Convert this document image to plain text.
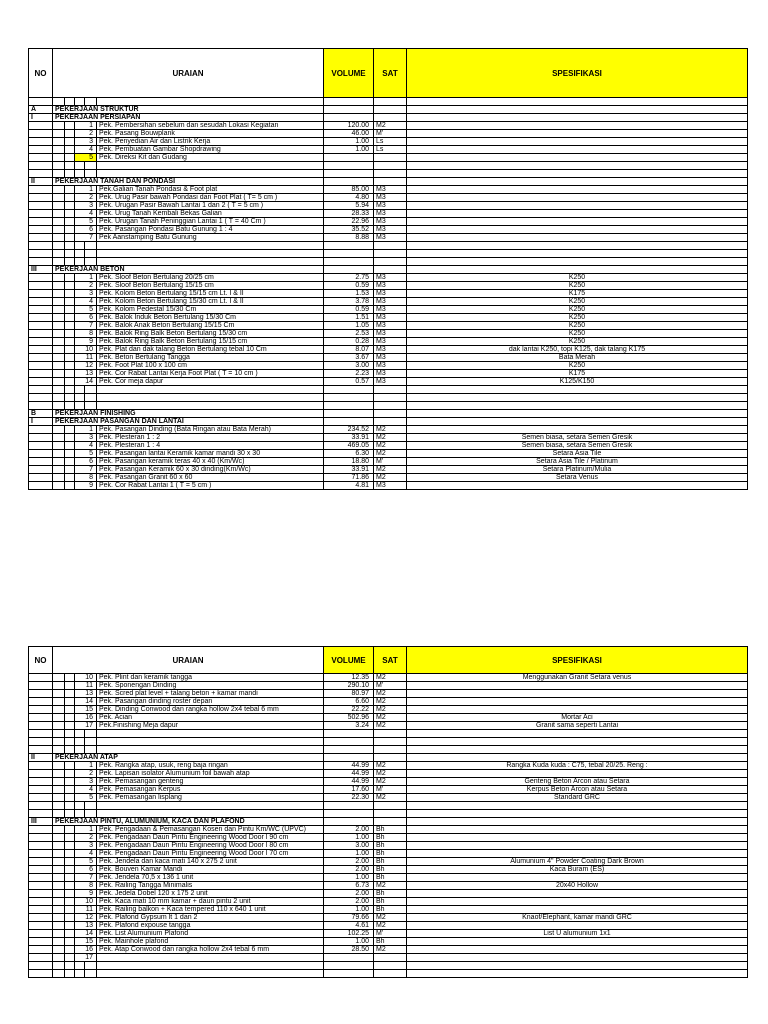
NO	URAIAN					VOLUME	SAT	SPESIFIKASI

A	PEKERJAAN STRUKTUR							
I	PEKERJAAN PERSIAPAN							
			1		Pek. Pembersihan sebelum dan sesudah Lokasi Kegiatan	120.00	M2	
			2		Pek. Pasang Bouwplank	46.00	M'	
			3		Pek. Penyedian Air dan Listrik Kerja	1.00	Ls	
			4		Pek. Pembuatan Gambar Shopdrawing	1.00	Ls	
			5		Pek. Direksi Kit dan Gudang			

II	PEKERJAAN TANAH DAN PONDASI							
			1		Pek.Galian Tanah Pondasi & Foot plat	85.00	M3	
			2		Pek. Urug Pasir bawah Pondasi dan Foot Plat ( T= 5 cm )	4.80	M3	
			3		Pek. Urugan Pasir Bawah Lantai 1 dan 2 ( T = 5 cm )	5.94	M3	
			4		Pek. Urug Tanah Kembali Bekas Galian	28.33	M3	
			5		Pek. Urugan Tanah Peninggian Lantai 1 ( T = 40 Cm )	22.96	M3	
			6		Pek. Pasangan Pondasi Batu Gunung 1 : 4	35.52	M3	
			7		Pek Aanstamping Batu Gunung	8.88	M3	

III	PEKERJAAN BETON							
			1		Pek. Sloof Beton Bertulang 20/25 cm	2.75	M3	K250
			2		Pek. Sloof Beton Bertulang 15/15 cm	0.59	M3	K250
			3		Pek. Kolom Beton Bertulang 15/15 cm Lt. I & II	1.53	M3	K175
			4		Pek. Kolom Beton Bertulang 15/30 cm Lt. I & II	3.78	M3	K250
			5		Pek. Kolom Pedestal 15/30 Cm	0.59	M3	K250
			6		Pek. Balok Induk Beton Bertulang 15/30 Cm	1.51	M3	K250
			7		Pek. Balok Anak Beton Bertulang 15/15 Cm	1.05	M3	K250
			8		Pek. Balok Ring Balk Beton Bertulang 15/30 cm	2.53	M3	K250
			9		Pek. Balok Ring Balk Beton Bertulang 15/15 cm	0.28	M3	K250
			10		Pek. Plat dan dak talang Beton Bertulang tebal 10 Cm	8.07	M3	dak lantai K250, topi K125, dak talang K175
			11		Pek. Beton Bertulang Tangga	3.67	M3	Bata Merah
			12		Pek. Foot Plat 100 x 100 cm	3.00	M3	K250
			13		Pek. Cor Rabat Lantai Kerja Foot Plat ( T = 10 cm )	2.23	M3	K175
			14		Pek. Cor meja dapur	0.57	M3	K125/K150

B	PEKERJAAN FINISHING							
I	PEKERJAAN PASANGAN DAN LANTAI							
			1		Pek. Pasangan Dinding (Bata Ringan atau Bata Merah)	234.52	M2	
			3		Pek. Plesteran 1 : 2	33.91	M2	Semen biasa, setara Semen Gresik
			4		Pek. Plesteran 1 : 4	469.05	M2	Semen biasa, setara Semen Gresik
			5		Pek. Pasangan lantai Keramik kamar mandi 30 x 30	6.30	M2	Setara Asia Tile
			6		Pek. Pasangan keramik teras 40 x 40 (Km/Wc)	18.80	M'	Setara Asia Tile / Platinum
			7		Pek. Pasangan Keramik 60 x 30 dinding(Km/Wc)	33.91	M2	Setara Platinum/Mulia
			8		Pek. Pasangan Granit 60 x 60	71.86	M2	Setara Venus
			9		Pek. Cor Rabat Lantai 1 ( T = 5 cm )	4.81	M3	
NO	URAIAN					VOLUME	SAT	SPESIFIKASI
			10		Pek. Plint dan keramik tangga	12.35	M2	Menggunakan Granit Setara venus
			11		Pek. Sponengan Dinding	290.10	M'	
			13		Pek. Scred plat level + talang beton + kamar mandi	80.97	M2	
			14		Pek. Pasangan dinding roster depan	6.60	M2	
			15		Pek. Dinding Conwood dan rangka hollow 2x4 tebal 6 mm	22.22	M2	
			16		Pek. Acian	502.96	M2	Mortar Aci
			17		Pek.Finishing Meja dapur	3.24	M2	Granit sama seperti Lantai

II	PEKERJAAN ATAP							
			1		Pek. Rangka atap, usuk, reng baja ringan	44.99	M2	Rangka Kuda kuda : C75, tebal 20/25. Reng :
			2		Pek. Lapisan isolator Alumunium foil bawah atap	44.99	M2	
			3		Pek. Pemasangan genteng	44.99	M2	Genteng Beton Arcon atau Setara
			4		Pek. Pemasangan Kerpus	17.60	M'	Kerpus Beton Arcon atau Setara
			5		Pek. Pemasangan lisplang	22.30	M2	Standard GRC

III	PEKERJAAN PINTU, ALUMUNIUM, KACA DAN PLAFOND							
			1		Pek. Pengadaan & Pemasangan Kosen dan Pintu Km/WC (UPVC)	2.00	Bh	
			2		Pek. Pengadaan Daun Pintu Engineering Wood Door l 90 cm	1.00	Bh	
			3		Pek. Pengadaan Daun Pintu Engineering Wood Door l 80 cm	3.00	Bh	
			4		Pek. Pengadaan Daun Pintu Engineering Wood Door l 70 cm	1.00	Bh	
			5		Pek. Jendela dan kaca mati 140 x 275 2 unit	2.00	Bh	Alumunium 4" Powder Coating Dark Brown
			6		Pek. Bouven Kamar Mandi	2.00	Bh	Kaca Buram (ES)
			7		Pek. Jendela 70,5 x 136 1 unit	1.00	Bh	
			8		Pek. Railing Tangga Minimalis	6.73	M2	20x40 Hollow
			9		Pek. Jedela Dobel 120 x 175 2 unit	2.00	Bh	
			10		Pek. Kaca mati 10 mm kamar + daun pintu 2 unit	2.00	Bh	
			11		Pek. Railing balkon + Kaca tempered 110 x 640 1 unit	1.00	Bh	
			12		Pek. Plafond Gypsum lt 1 dan 2	79.66	M2	Knaof/Elephant, kamar mandi GRC
			13		Pek. Plafond expouse tangga	4.61	M2	
			14		Pek. List Alumunium Plafond	102.25	M'	List U alumunium 1x1
			15		Pek. Mainhole plafond	1.00	Bh	
			16		Pek. Atap Conwood dan rangka hollow 2x4 tebal 6 mm	28.50	M2	
			17					
